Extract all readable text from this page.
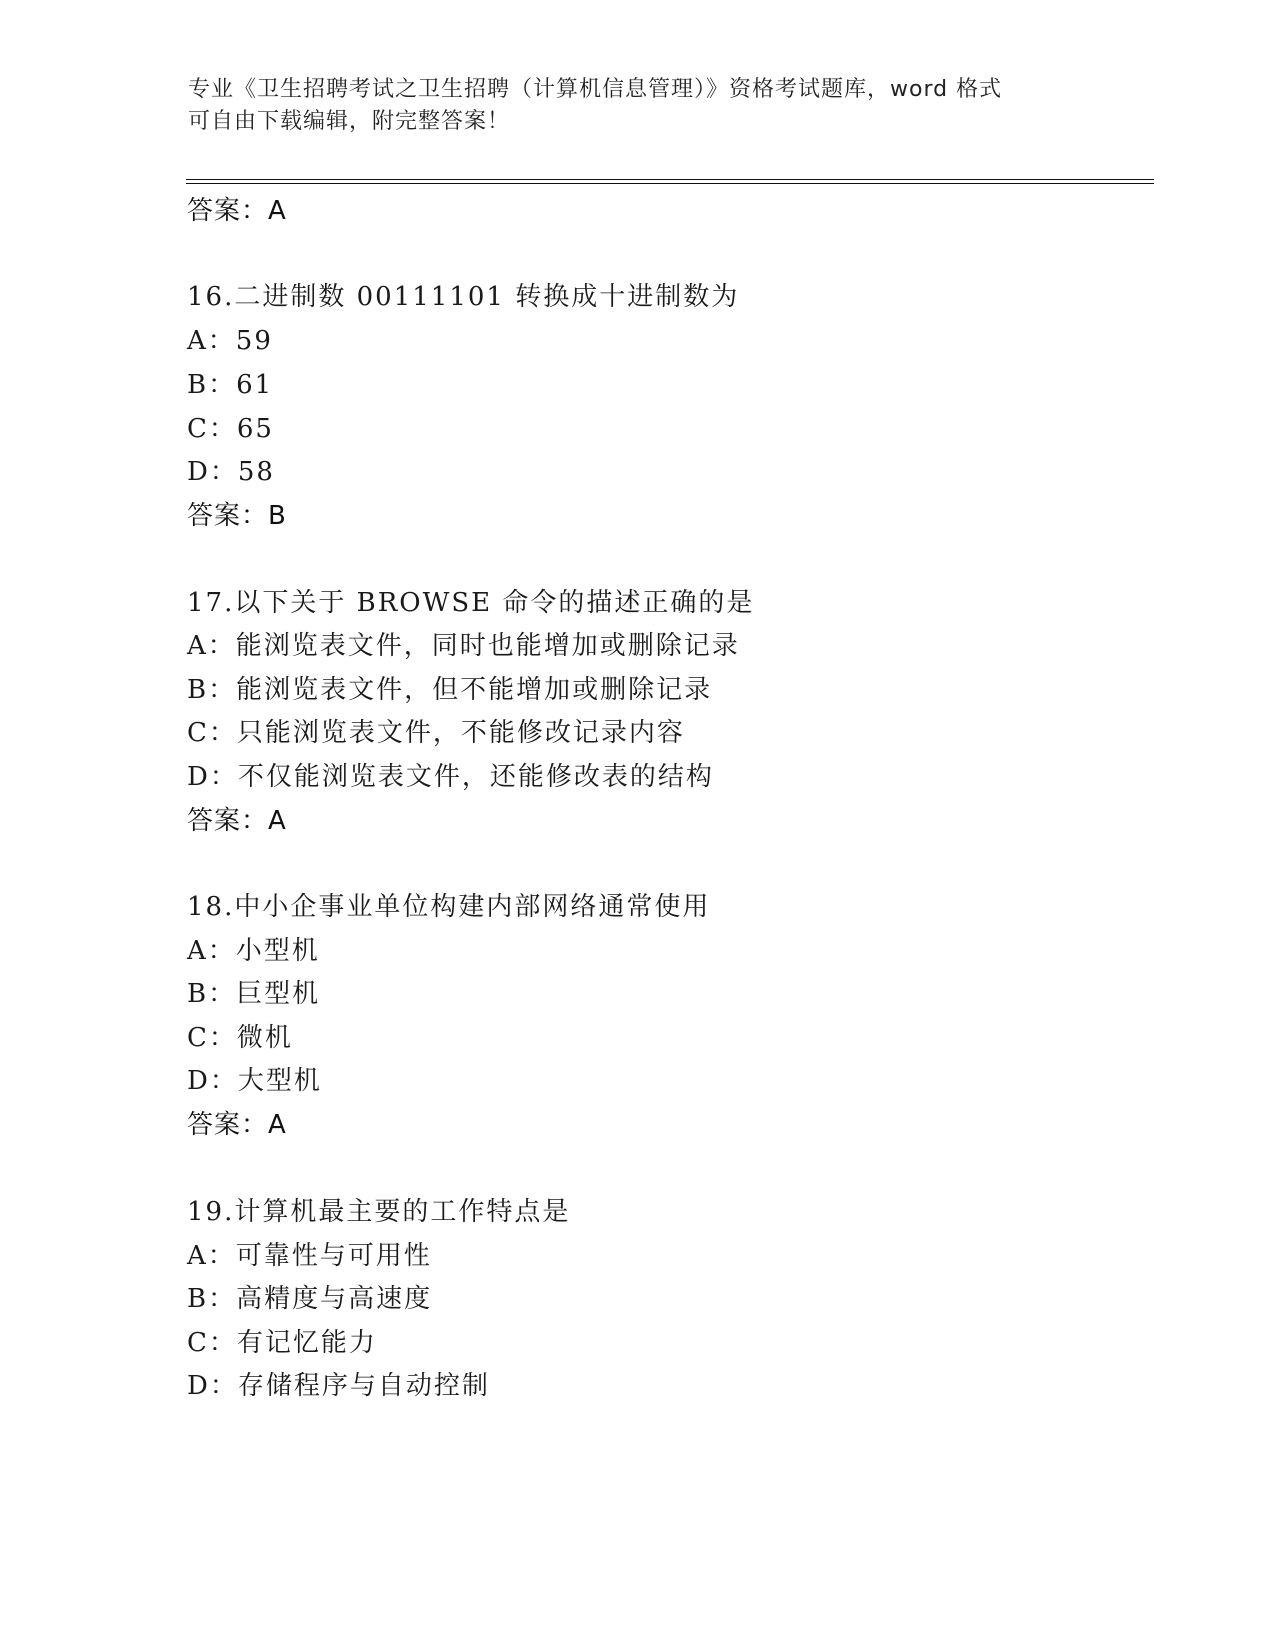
专业《卫生招聘考试之卫生招聘（计算机信息管理）》资格考试题库，word 格式
可自由下载编辑，附完整答案！
答案：A
16.二进制数 00111101 转换成十进制数为
A：59
B：61
C：65
D：58
答案：B
17.以下关于 BROWSE 命令的描述正确的是
A：能浏览表文件，同时也能增加或删除记录
B：能浏览表文件，但不能增加或删除记录
C：只能浏览表文件，不能修改记录内容
D：不仅能浏览表文件，还能修改表的结构
答案：A
18.中小企事业单位构建内部网络通常使用
A：小型机
B：巨型机
C：微机
D：大型机
答案：A
19.计算机最主要的工作特点是
A：可靠性与可用性
B：高精度与高速度
C：有记忆能力
D：存储程序与自动控制
